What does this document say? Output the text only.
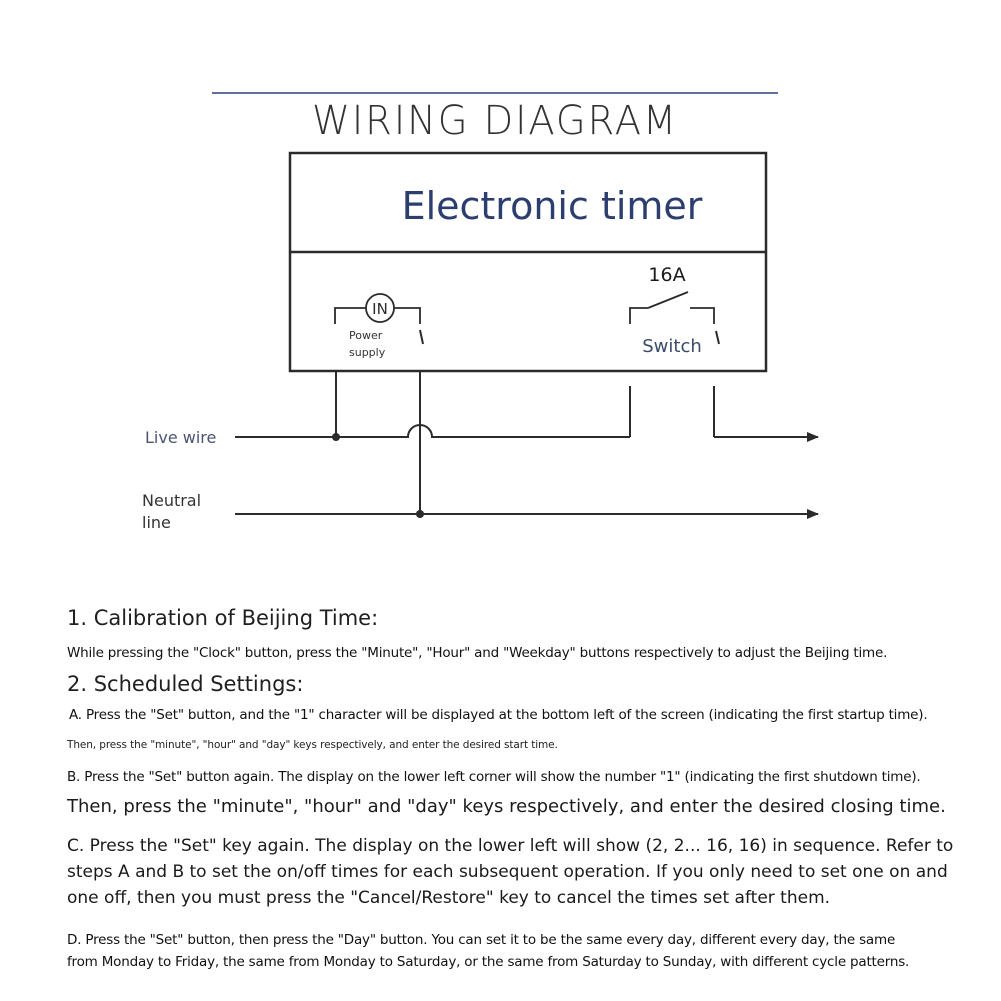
WIRING DIAGRAM
Electronic timer
IN
Power
supply
16A
Switch
Live wire
Neutral
line

1. Calibration of Beijing Time:

While pressing the "Clock" button, press the "Minute", "Hour" and "Weekday" buttons respectively to adjust the Beijing time.

2. Scheduled Settings:

A. Press the "Set" button, and the "1" character will be displayed at the bottom left of the screen (indicating the first startup time).

Then, press the "minute", "hour" and "day" keys respectively, and enter the desired start time.

B. Press the "Set" button again. The display on the lower left corner will show the number "1" (indicating the first shutdown time).

Then, press the "minute", "hour" and "day" keys respectively, and enter the desired closing time.

C. Press the "Set" key again. The display on the lower left will show (2, 2... 16, 16) in sequence. Refer to

steps A and B to set the on/off times for each subsequent operation. If you only need to set one on and

one off, then you must press the "Cancel/Restore" key to cancel the times set after them.

D. Press the "Set" button, then press the "Day" button. You can set it to be the same every day, different every day, the same

from Monday to Friday, the same from Monday to Saturday, or the same from Saturday to Sunday, with different cycle patterns.
